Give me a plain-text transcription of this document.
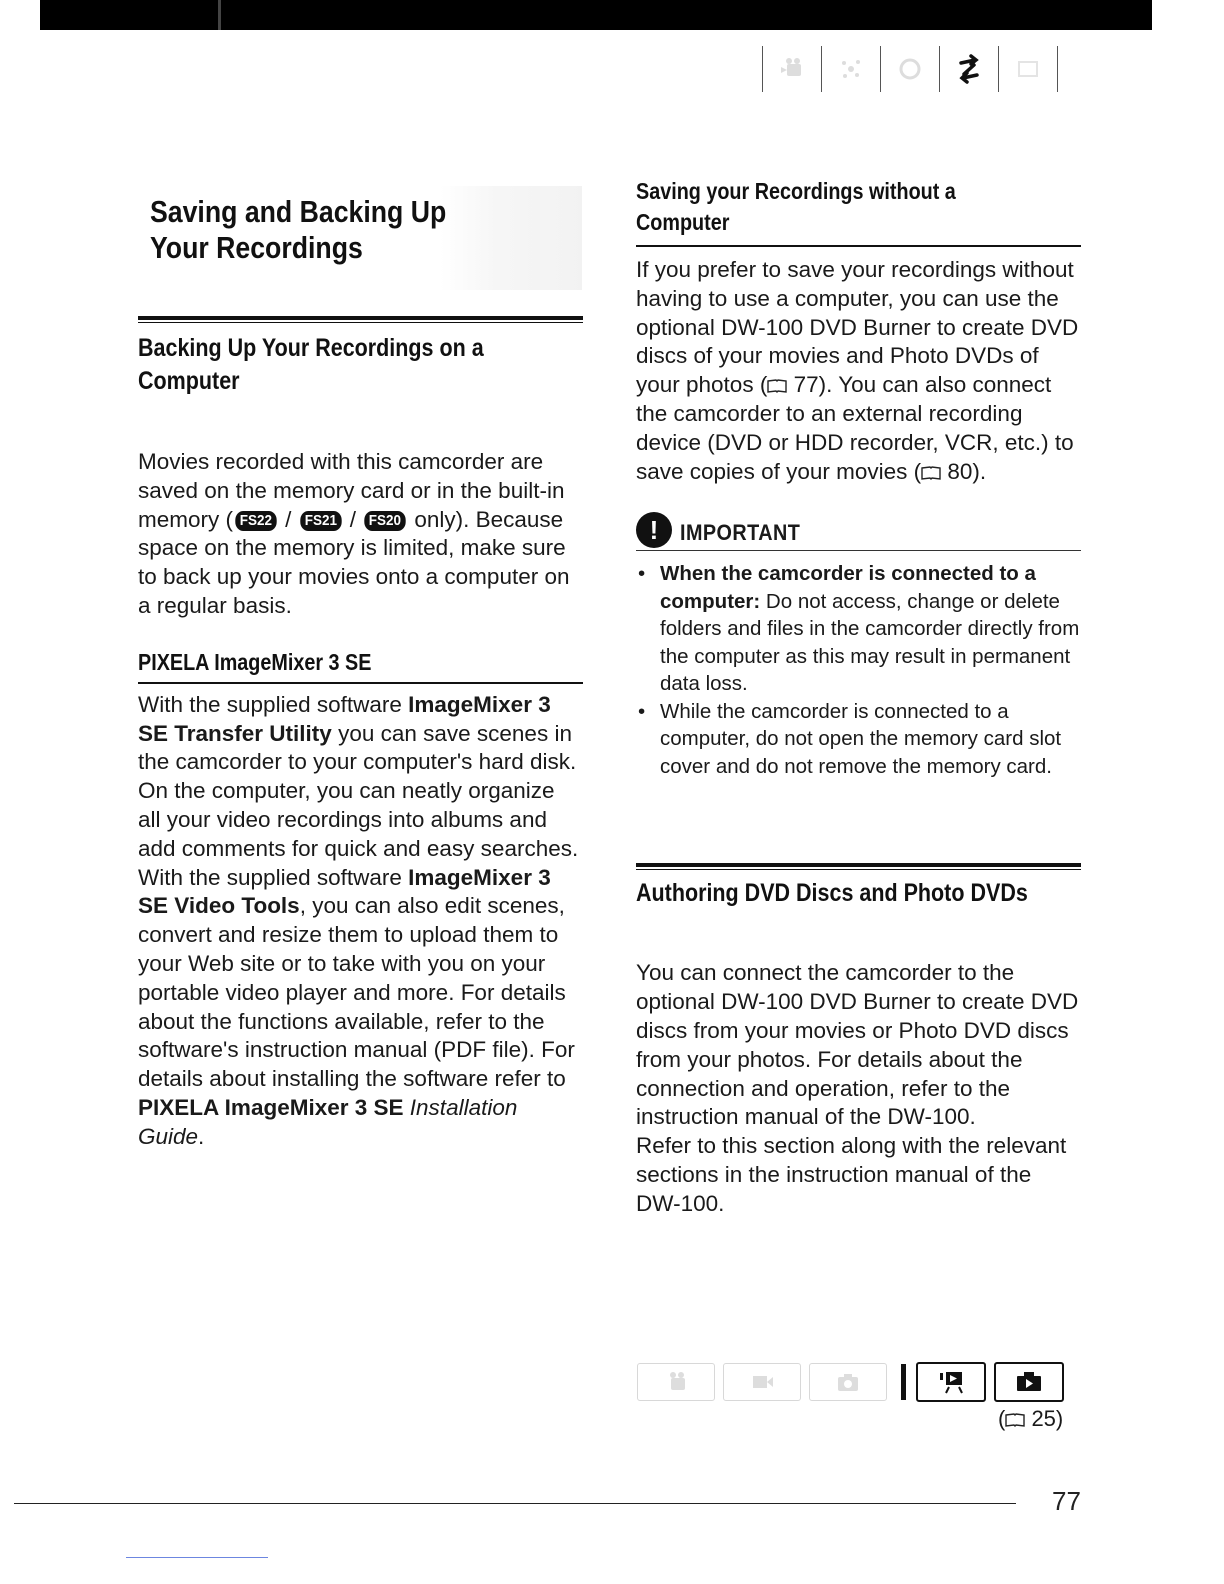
Saving and Backing Up
Your Recordings
Backing Up Your Recordings on a
Computer

Movies recorded with this camcorder are saved on the memory card or in the built-in memory ( FS22 / FS21 / FS20 only). Because space on the memory is limited, make sure to back up your movies onto a computer on a regular basis.

PIXELA ImageMixer 3 SE

With the supplied software ImageMixer 3 SE Transfer Utility you can save scenes in the camcorder to your computer's hard disk. On the computer, you can neatly organize all your video recordings into albums and add comments for quick and easy searches. With the supplied software ImageMixer 3 SE Video Tools, you can also edit scenes, convert and resize them to upload them to your Web site or to take with you on your portable video player and more. For details about the functions available, refer to the software's instruction manual (PDF file). For details about installing the software refer to PIXELA ImageMixer 3 SE Installation Guide.

Saving your Recordings without a
Computer

If you prefer to save your recordings without having to use a computer, you can use the optional DW-100 DVD Burner to create DVD discs of your movies and Photo DVDs of your photos ( 77). You can also connect the camcorder to an external recording device (DVD or HDD recorder, VCR, etc.) to save copies of your movies ( 80).

! IMPORTANT
• When the camcorder is connected to a computer: Do not access, change or delete folders and files in the camcorder directly from the computer as this may result in permanent data loss.
• While the camcorder is connected to a computer, do not open the memory card slot cover and do not remove the memory card.
Authoring DVD Discs and Photo DVDs

You can connect the camcorder to the optional DW-100 DVD Burner to create DVD discs from your movies or Photo DVD discs from your photos. For details about the connection and operation, refer to the instruction manual of the DW-100.

Refer to this section along with the relevant sections in the instruction manual of the DW-100.

( 25)
77
